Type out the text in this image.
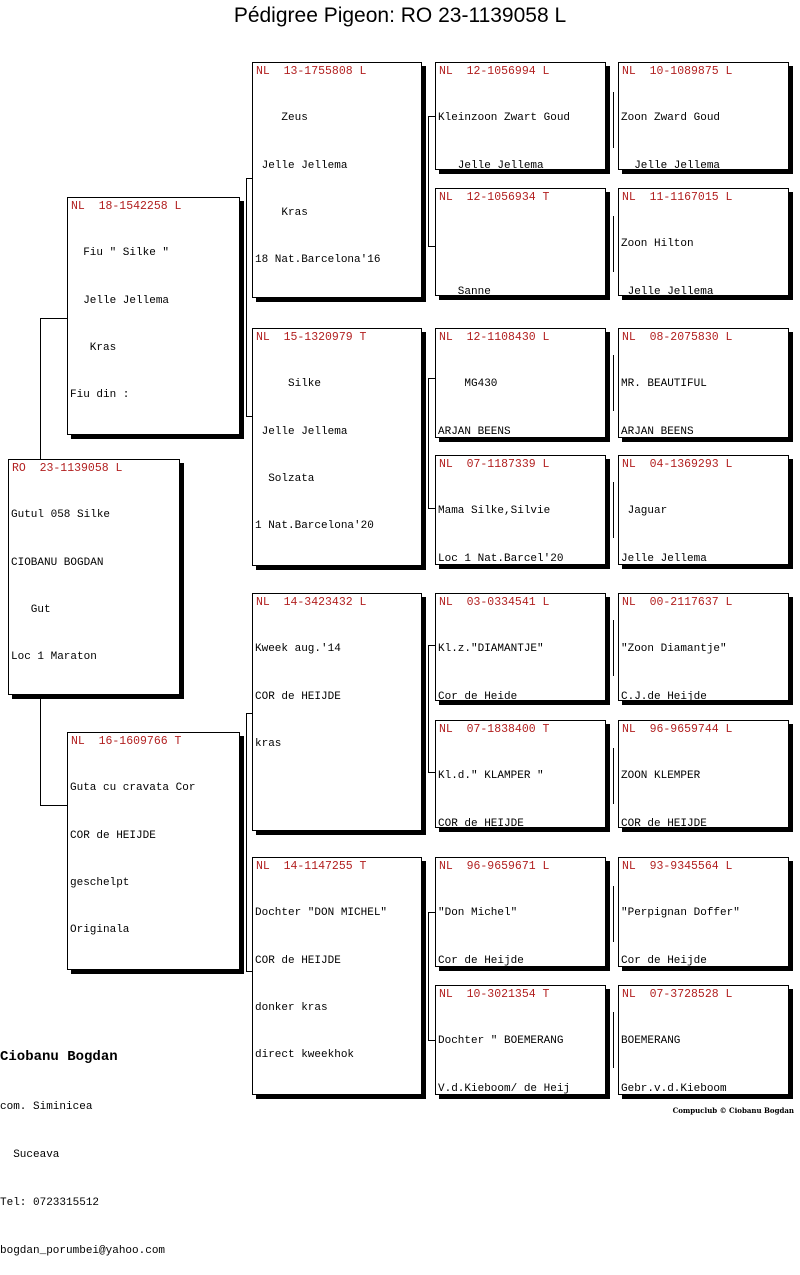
Pédigree Pigeon: RO 23-1139058 L
RO  23-1139058 L

Gutul 058 Silke

CIOBANU BOGDAN

Gut

Loc 1 Maraton

NL  18-1542258 L

Fiu " Silke "

Jelle Jellema

Kras

Fiu din :

NL  16-1609766 T

Guta cu cravata Cor

COR de HEIJDE

geschelpt

Originala

NL  13-1755808 L

Zeus

Jelle Jellema

Kras

18 Nat.Barcelona'16

NL  15-1320979 T

Silke

Jelle Jellema

Solzata

1 Nat.Barcelona'20

NL  14-3423432 L

Kweek aug.'14

COR de HEIJDE

kras

NL  14-1147255 T

Dochter "DON MICHEL"

COR de HEIJDE

donker kras

direct kweekhok

NL  12-1056994 L

Kleinzoon Zwart Goud

Jelle Jellema

NL  12-1056934 T

Sanne

NL  12-1108430 L

MG430

ARJAN BEENS

NL  07-1187339 L

Mama Silke,Silvie

Loc 1 Nat.Barcel'20

NL  03-0334541 L

Kl.z."DIAMANTJE"

Cor de Heide

NL  07-1838400 T

Kl.d." KLAMPER "

COR de HEIJDE

NL  96-9659671 L

"Don Michel"

Cor de Heijde

NL  10-3021354 T

Dochter " BOEMERANG

V.d.Kieboom/ de Heij

NL  10-1089875 L

Zoon Zward Goud

Jelle Jellema

NL  11-1167015 L

Zoon Hilton

Jelle Jellema

NL  08-2075830 L

MR. BEAUTIFUL

ARJAN BEENS

NL  04-1369293 L

Jaguar

Jelle Jellema

NL  00-2117637 L

"Zoon Diamantje"

C.J.de Heijde

NL  96-9659744 L

ZOON KLEMPER

COR de HEIJDE

NL  93-9345564 L

"Perpignan Doffer"

Cor de Heijde

NL  07-3728528 L

BOEMERANG

Gebr.v.d.Kieboom

Ciobanu Bogdan

com. Siminicea

Suceava

Tel: 0723315512

bogdan_porumbei@yahoo.com

Compuclub © Ciobanu Bogdan
